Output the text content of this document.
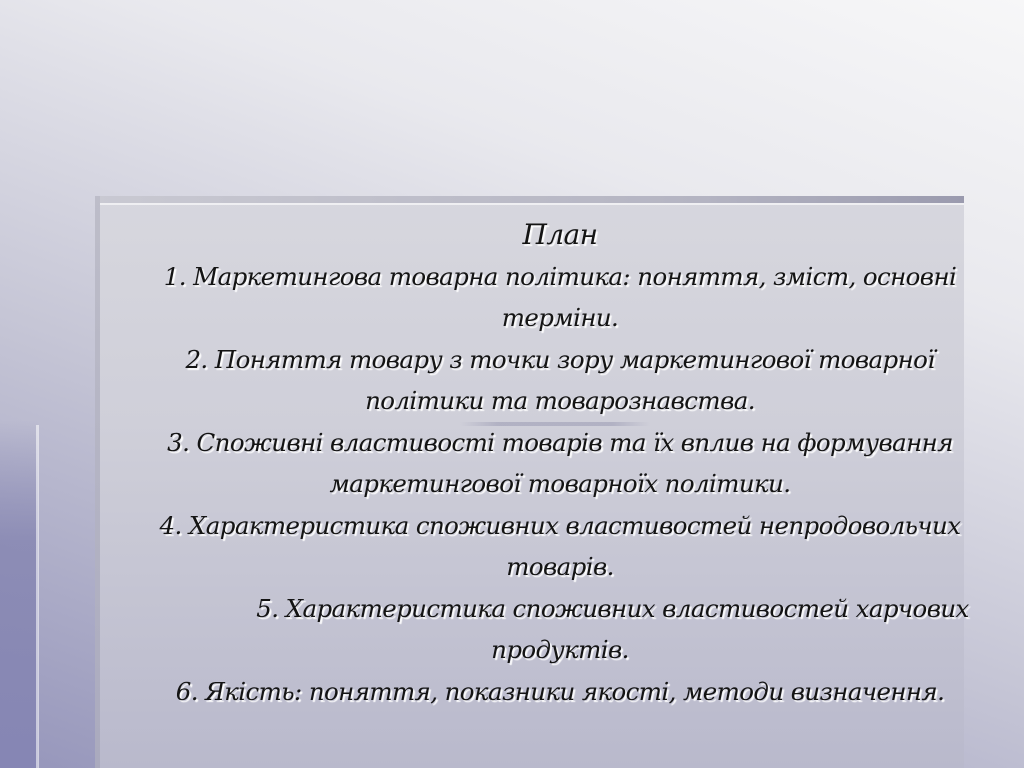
План
1. Маркетингова товарна політика: поняття, зміст, основні
терміни.
2. Поняття товару з точки зору маркетингової товарної
політики та товарознавства.
3. Споживні властивості товарів та їх вплив на формування
маркетингової товарноїх політики.
4. Характеристика споживних властивостей непродовольчих
товарів.
5. Характеристика споживних властивостей харчових
продуктів.
6. Якість: поняття, показники якості, методи визначення.
